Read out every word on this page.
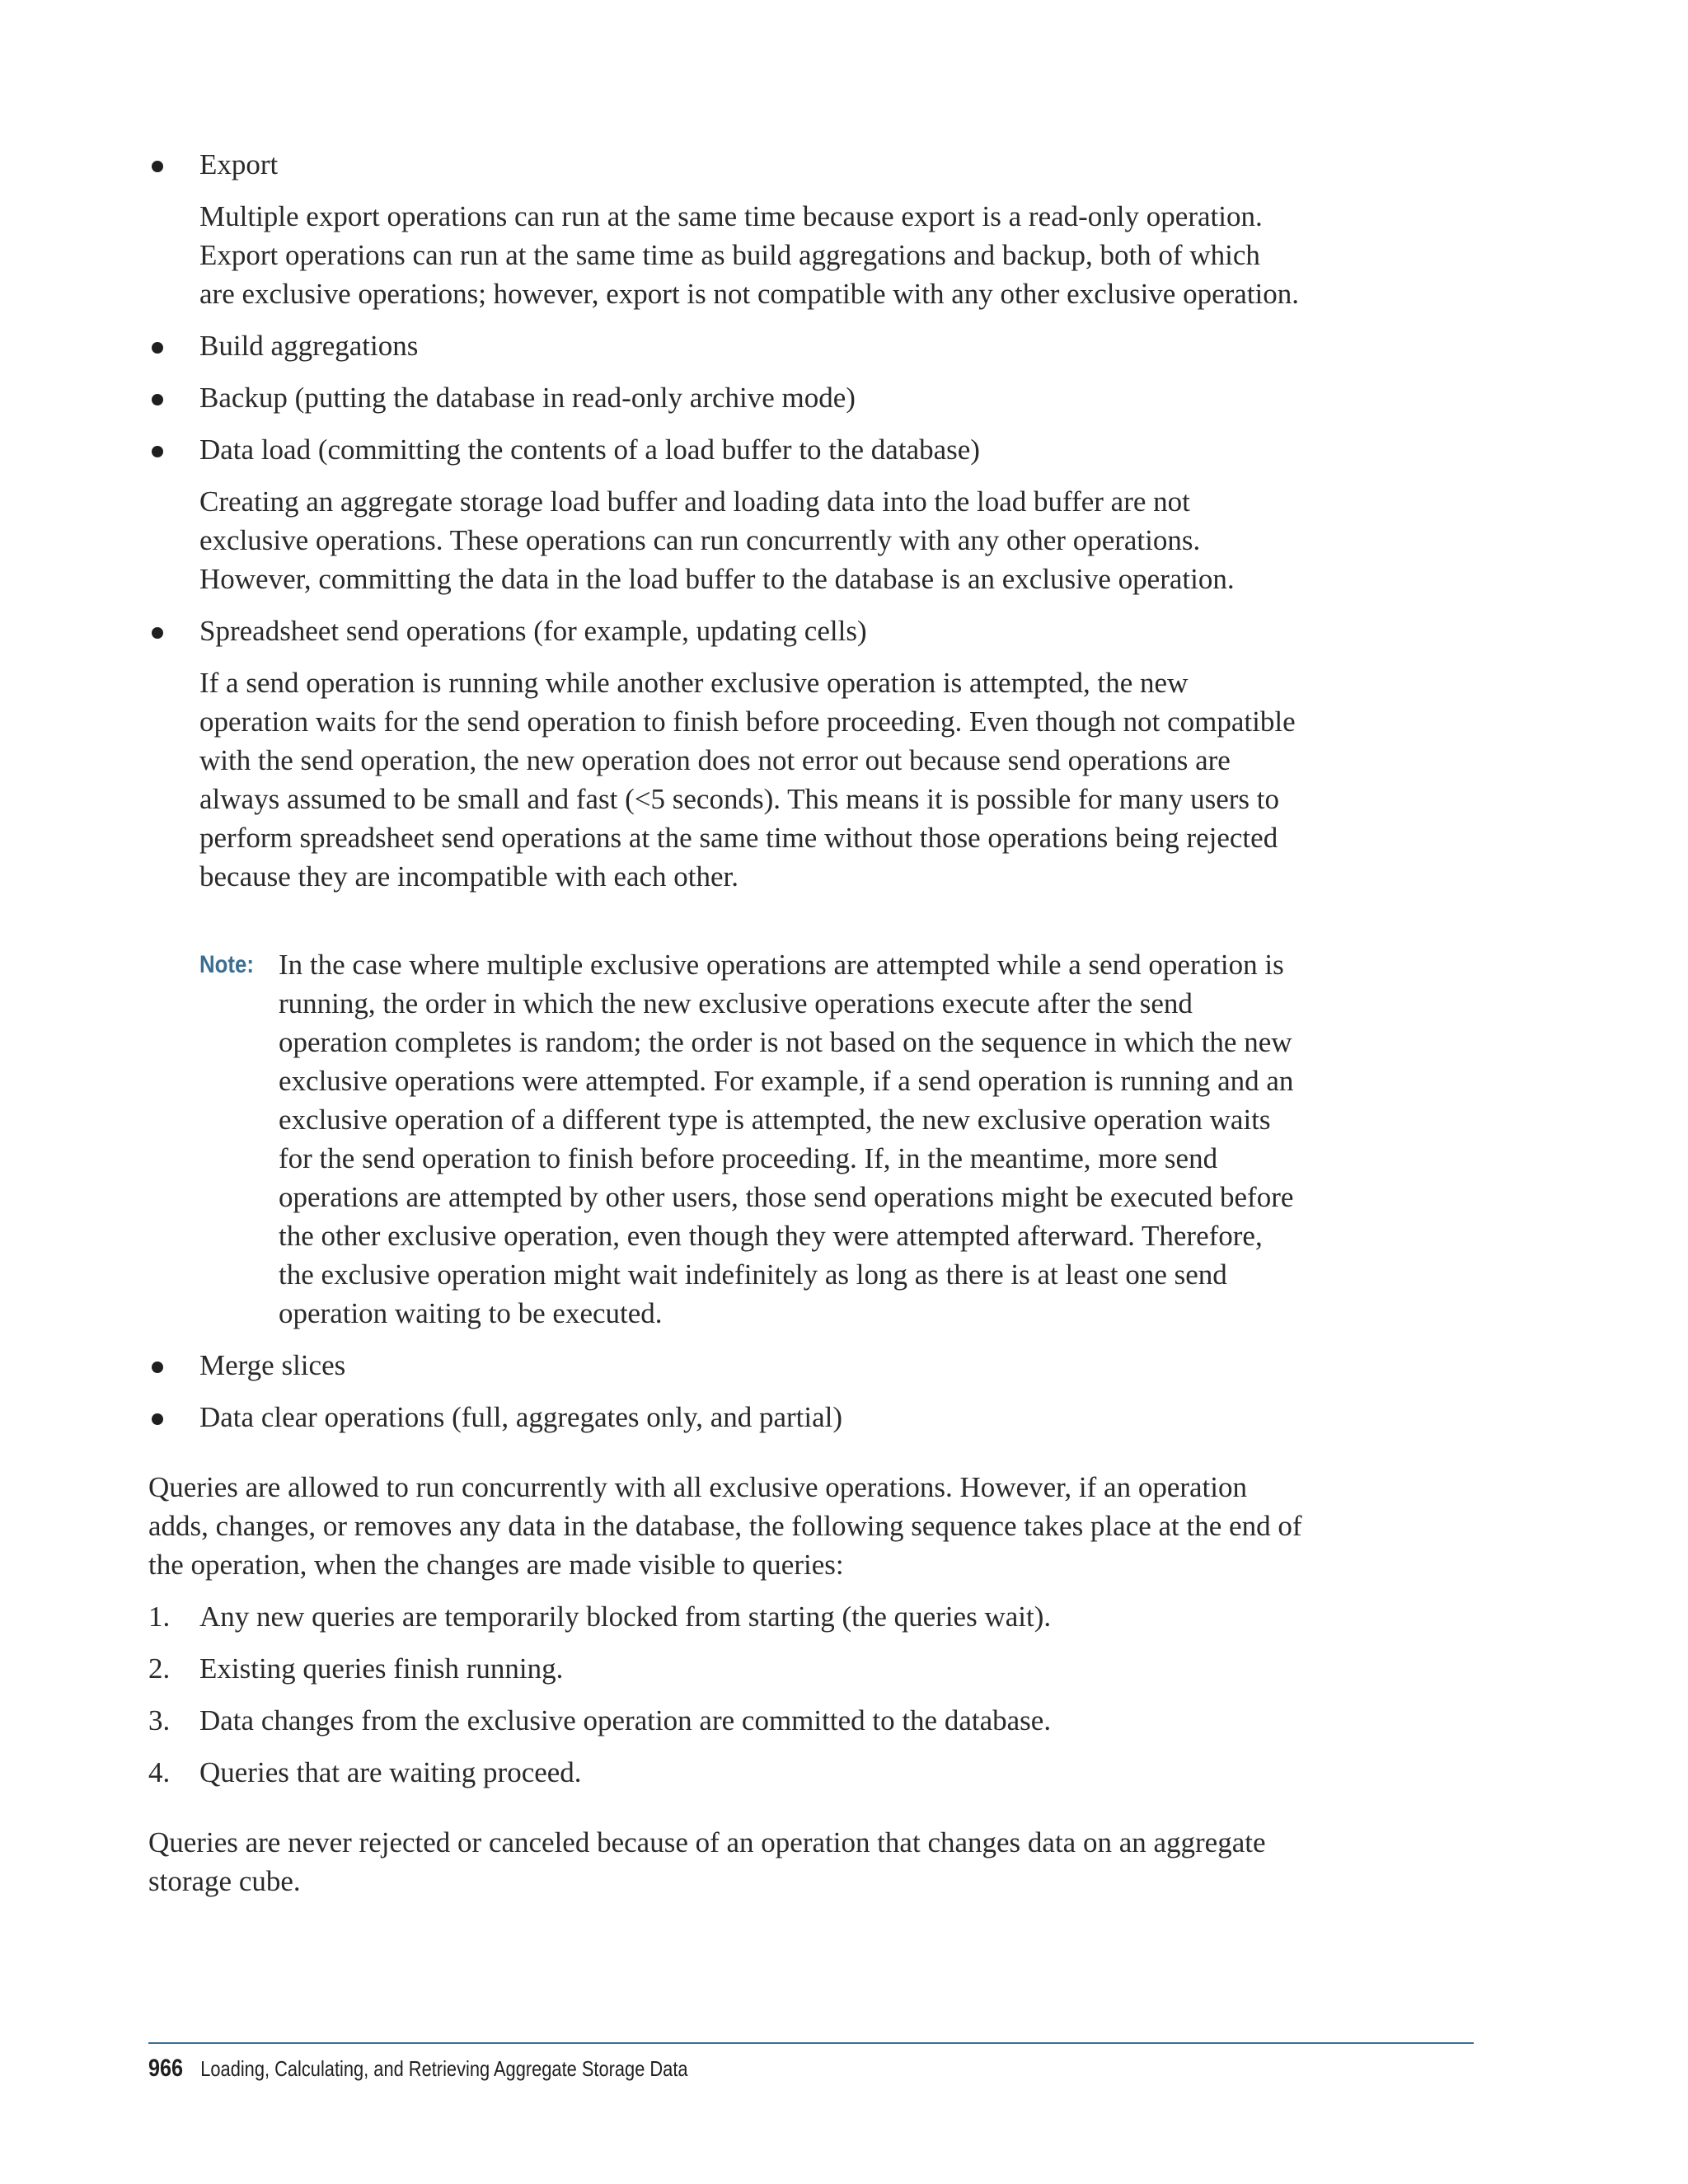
Export
Multiple export operations can run at the same time because export is a read-only operation. Export operations can run at the same time as build aggregations and backup, both of which are exclusive operations; however, export is not compatible with any other exclusive operation.
Build aggregations
Backup (putting the database in read-only archive mode)
Data load (committing the contents of a load buffer to the database)
Creating an aggregate storage load buffer and loading data into the load buffer are not exclusive operations. These operations can run concurrently with any other operations. However, committing the data in the load buffer to the database is an exclusive operation.
Spreadsheet send operations (for example, updating cells)
If a send operation is running while another exclusive operation is attempted, the new operation waits for the send operation to finish before proceeding. Even though not compatible with the send operation, the new operation does not error out because send operations are always assumed to be small and fast (<5 seconds). This means it is possible for many users to perform spreadsheet send operations at the same time without those operations being rejected because they are incompatible with each other.
Note: In the case where multiple exclusive operations are attempted while a send operation is running, the order in which the new exclusive operations execute after the send operation completes is random; the order is not based on the sequence in which the new exclusive operations were attempted. For example, if a send operation is running and an exclusive operation of a different type is attempted, the new exclusive operation waits for the send operation to finish before proceeding. If, in the meantime, more send operations are attempted by other users, those send operations might be executed before the other exclusive operation, even though they were attempted afterward. Therefore, the exclusive operation might wait indefinitely as long as there is at least one send operation waiting to be executed.
Merge slices
Data clear operations (full, aggregates only, and partial)
Queries are allowed to run concurrently with all exclusive operations. However, if an operation adds, changes, or removes any data in the database, the following sequence takes place at the end of the operation, when the changes are made visible to queries:
1. Any new queries are temporarily blocked from starting (the queries wait).
2. Existing queries finish running.
3. Data changes from the exclusive operation are committed to the database.
4. Queries that are waiting proceed.
Queries are never rejected or canceled because of an operation that changes data on an aggregate storage cube.
966 Loading, Calculating, and Retrieving Aggregate Storage Data
